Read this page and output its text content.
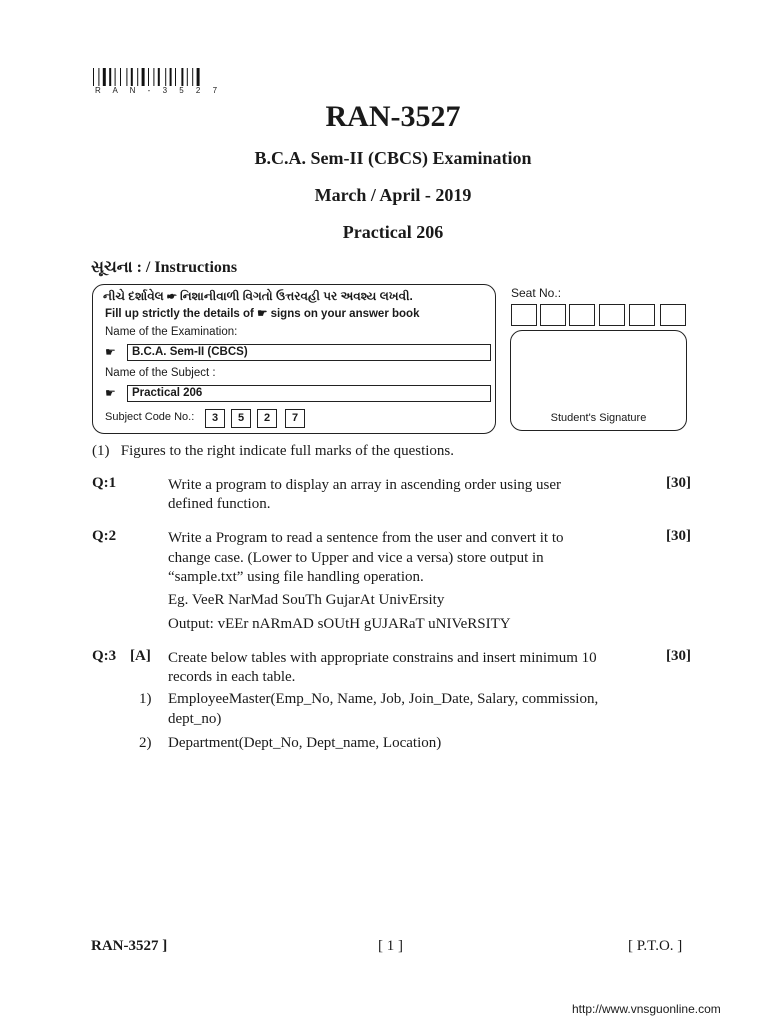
R A N - 3 5 2 7
RAN-3527
B.C.A. Sem-II (CBCS) Examination
March / April - 2019
Practical 206
સૂચના : / Instructions
નીચે દર્શાવેલ ☛ નિશાનીવાળી વિગતો ઉત્તરવહી પર અવશ્ય લખવી.
Fill up strictly the details of ☛ signs on your answer book
Name of the Examination:
☛	B.C.A. Sem-II (CBCS)
Name of the Subject :
☛	Practical 206
Subject Code No.:	3	5	2	7
Seat No.:
Student's Signature
(1)   Figures to the right indicate full marks of the questions.
Q:1	Write a program to display an array in ascending order using user
defined function.
[30]
Q:2	Write a Program to read a sentence from the user and convert it to
change case. (Lower to Upper and vice a versa) store output in
“sample.txt” using file handling operation.
Eg. VeeR NarMad SouTh GujarAt UnivErsity
Output: vEEr nARmAD sOUtH gUJARaT uNIVeRSITY
[30]
Q:3 [A] Create below tables with appropriate constrains and insert minimum 10
records in each table.
[30]
1) EmployeeMaster(Emp_No, Name, Job, Join_Date, Salary, commission,
dept_no)
2) Department(Dept_No, Dept_name, Location)
RAN-3527 ]	[ 1 ]	[ P.T.O. ]
http://www.vnsguonline.com
